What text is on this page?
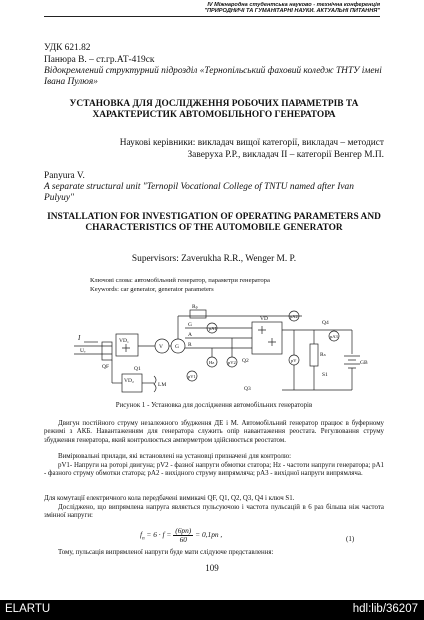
IV Міжнародна студентська науково - технічна конференція
"ПРИРОДНИЧІ ТА ГУМАНІТАРНІ НАУКИ. АКТУАЛЬНІ ПИТАННЯ"
УДК 621.82
Панюра В. – ст.гр.АТ-419ск
Відокремлений структурний підрозділ «Тернопільський фаховий коледж ТНТУ імені Івана Пулюя»
УСТАНОВКА ДЛЯ ДОСЛІДЖЕННЯ РОБОЧИХ ПАРАМЕТРІВ ТА ХАРАКТЕРИСТИК АВТОМОБІЛЬНОГО ГЕНЕРАТОРА
Наукові керівники: викладач вищої категорії, викладач – методист
Заверуха Р.Р., викладач ІІ – категорії Венгер М.П.
Panyura V.
A separate structural unit "Ternopil Vocational College of TNTU named after Ivan Pulyuy"
INSTALLATION FOR INVESTIGATION OF OPERATING PARAMETERS AND CHARACTERISTICS OF THE AUTOMOBILE GENERATOR
Supervisors: Zaverukha R.R., Wenger M. P.
Ключові слова: автомобільний генератор, параметри генератора
Keywords: car generator, generator parameters
I
Uₑ
QF
VD₁
V G
VD₂
LM
Q1
Rₚ
G
A
R
pA1
Hz	pV2
pV1
VD
Q2
Q3
pA2
pV
Rₙ
pA3
Q4
S1
GB
Рисунок 1 - Установка для дослідження автомобільних генераторів
Двигун постійного струму незалежного збудження ДЕ і М. Автомобільний генератор працює в буферному режимі з АКБ. Навантаженням для генератора служить опір навантаження реостата. Регулювання струму збудження генератора, який контролюється амперметром здійснюється реостатом.
Вимірювальні прилади, які встановлені на установці призначені для контролю:
pV1- Напруги на роторі двигуна; pV2 - фазної напруги обмотки статора; Hz - частоти напруги генератора; pA1 - фазного струму обмотки статора; pA2 - вихідного струму випрямляча; pA3 - вихідної напруги випрямлячa.
Для комутації електричного кола передбачені вимикачі QF, Q1, Q2, Q3, Q4 і ключ S1.
Досліджено, що випрямлена напруга являється пульсуючою і частота пульсацій в 6 раз більша ніж частота змінної напруги:
$f_п = 6 \cdot f = \frac{(6pn)}{60} = 0,1pn$ ,	(1)
Тому, пульсація випрямленої напруги буде мати слідуюче представлення:
109
ELARTU	hdl:lib/36207
